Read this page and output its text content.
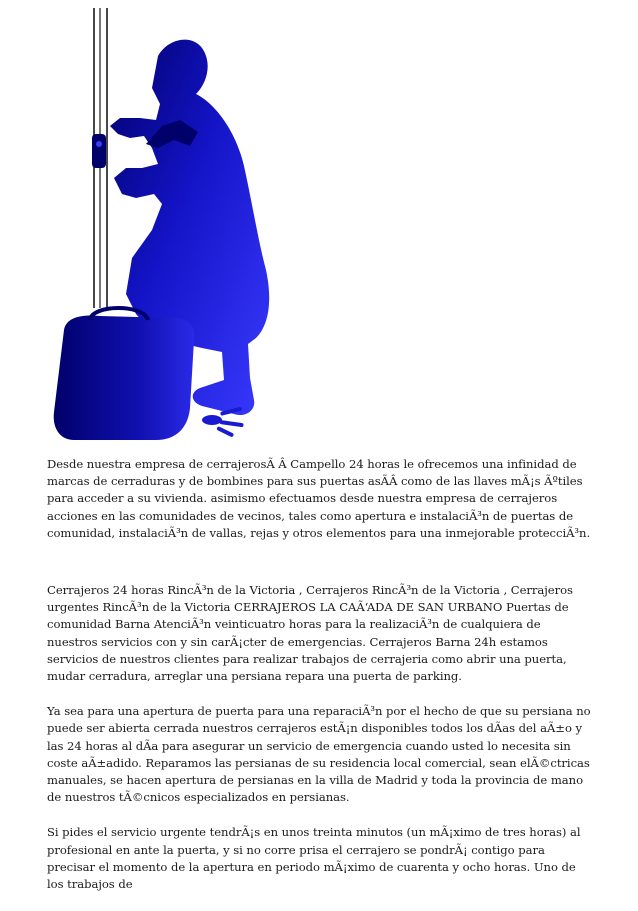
Desde nuestra empresa de cerrajerosÃ Â Campello 24 horas le ofrecemos una infinidad de marcas de cerraduras y de bombines para sus puertas asÃÂ como de las llaves mÃ¡s Ãºtiles para acceder a su vivienda. asimismo efectuamos desde nuestra empresa de cerrajeros acciones en las comunidades de vecinos, tales como apertura e instalaciÃ³n de puertas de comunidad, instalaciÃ³n de vallas, rejas y otros elementos para una inmejorable protecciÃ³n.

Cerrajeros 24 horas RincÃ³n de la Victoria , Cerrajeros RincÃ³n de la Victoria , Cerrajeros urgentes RincÃ³n de la Victoria CERRAJEROS LA CAÃ‘ADA DE SAN URBANO Puertas de comunidad Barna AtenciÃ³n veinticuatro horas para la realizaciÃ³n de cualquiera de nuestros servicios con y sin carÃ¡cter de emergencias. Cerrajeros Barna 24h estamos servicios de nuestros clientes para realizar trabajos de cerrajeria como abrir una puerta, mudar cerradura, arreglar una persiana repara una puerta de parking.

Ya sea para una apertura de puerta para una reparaciÃ³n por el hecho de que su persiana no puede ser abierta cerrada nuestros cerrajeros estÃ¡n disponibles todos los dÃas del aÃ±o y las 24 horas al dÃa para asegurar un servicio de emergencia cuando usted lo necesita sin coste aÃ±adido. Reparamos las persianas de su residencia local comercial, sean elÃ©ctricas manuales, se hacen apertura de persianas en la villa de Madrid y toda la provincia de mano de nuestros tÃ©cnicos especializados en persianas.

Si pides el servicio urgente tendrÃ¡s en unos treinta minutos (un mÃ¡ximo de tres horas) al profesional en ante la puerta, y si no corre prisa el cerrajero se pondrÃ¡ contigo para precisar el momento de la apertura en periodo mÃ¡ximo de cuarenta y ocho horas. Uno de los trabajos de
